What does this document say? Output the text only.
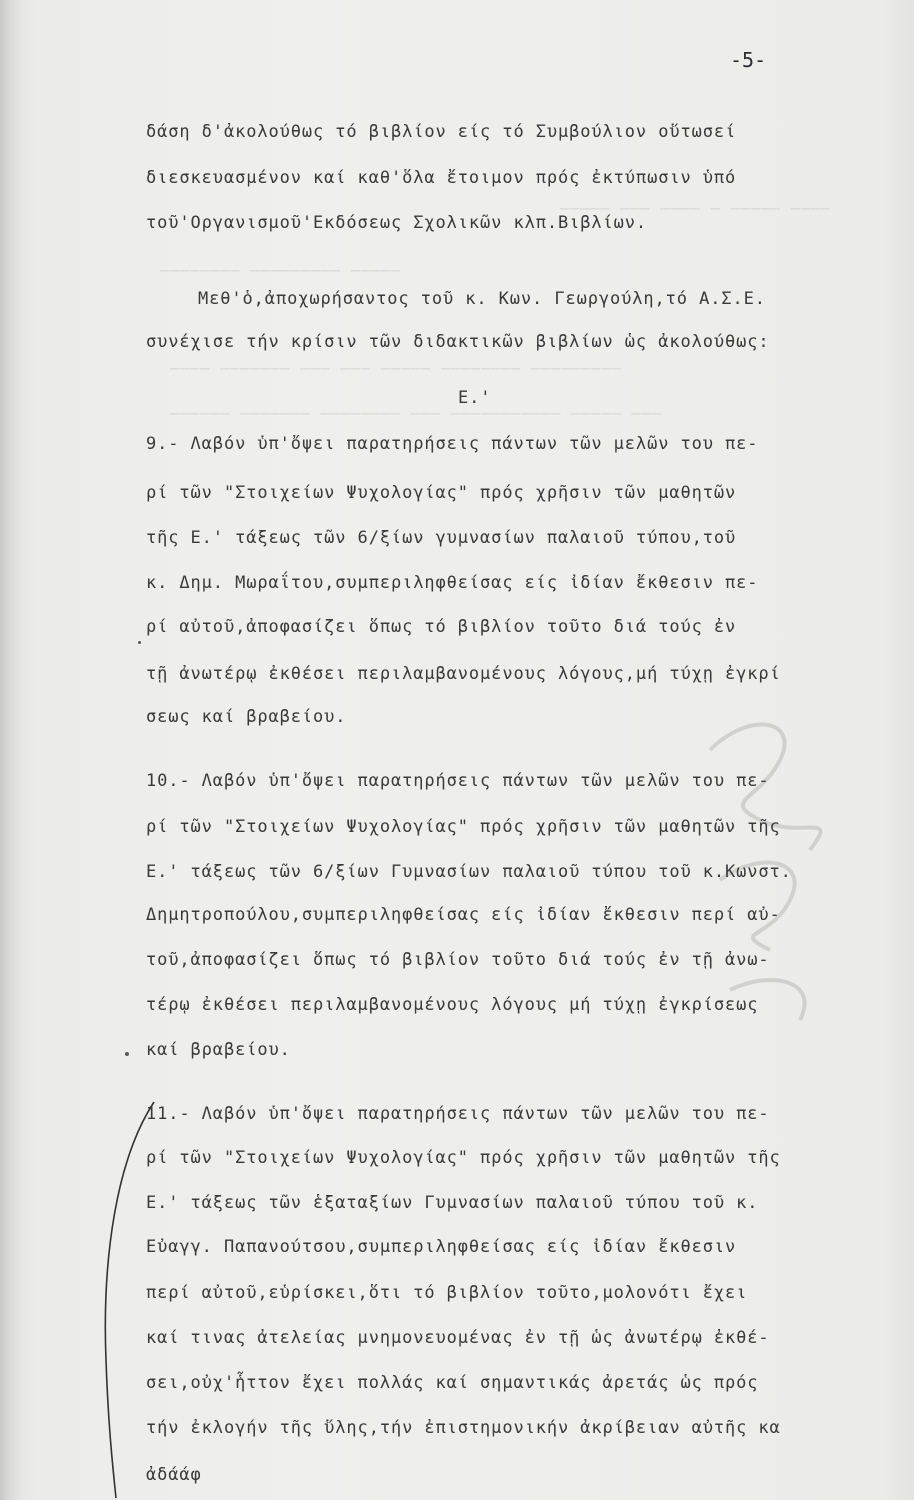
───── ─── ──── ─ ───── ────
──────── ───────── ─────
──── ─────── ─── ─── ───── ──────── ─────────
────── ─────── ──────── ─── ─────────── ───── ───
-5-
δάση δ'ἀκολούθως τό βιβλίον είς τό Συμβούλιον οὕτωσεί
διεσκευασμένον καί καθ'ὅλα ἔτοιμον πρός ἐκτύπωσιν ὑπό
τοῦ'Οργανισμοῦ'Εκδόσεως Σχολικῶν κλπ.Βιβλίων.
Μεθ'ὁ,ἀποχωρήσαντος τοῦ κ. Κων. Γεωργούλη,τό Α.Σ.Ε.
συνέχισε τήν κρίσιν τῶν διδακτικῶν βιβλίων ὡς ἀκολούθως:
Ε.'
9.- Λαβόν ὑπ'ὄψει παρατηρήσεις πάντων τῶν μελῶν του πε-
ρί τῶν "Στοιχείων Ψυχολογίας" πρός χρῆσιν τῶν μαθητῶν
τῆς Ε.' τάξεως τῶν 6/ξίων γυμνασίων παλαιοῦ τύπου,τοῦ
κ. Δημ. Μωραΐτου,συμπεριληφθείσας είς ἰδίαν ἔκθεσιν πε-
ρί αὐτοῦ,ἀποφασίζει ὅπως τό βιβλίον τοῦτο διά τούς ἐν
τῇ ἀνωτέρῳ ἐκθέσει περιλαμβανομένους λόγους,μή τύχῃ ἐγκρί
σεως καί βραβείου.
10.- Λαβόν ὑπ'ὄψει παρατηρήσεις πάντων τῶν μελῶν του πε-
ρί τῶν "Στοιχείων Ψυχολογίας" πρός χρῆσιν τῶν μαθητῶν τῆς
Ε.' τάξεως τῶν 6/ξίων Γυμνασίων παλαιοῦ τύπου τοῦ κ.Κωνστ.
Δημητροπούλου,συμπεριληφθείσας είς ἰδίαν ἔκθεσιν περί αὐ-
τοῦ,ἀποφασίζει ὅπως τό βιβλίον τοῦτο διά τούς ἐν τῇ ἀνω-
τέρῳ ἐκθέσει περιλαμβανομένους λόγους μή τύχῃ ἐγκρίσεως
καί βραβείου.
11.- Λαβόν ὑπ'ὄψει παρατηρήσεις πάντων τῶν μελῶν του πε-
ρί τῶν "Στοιχείων Ψυχολογίας" πρός χρῆσιν τῶν μαθητῶν τῆς
Ε.' τάξεως τῶν ἑξαταξίων Γυμνασίων παλαιοῦ τύπου τοῦ κ.
Εὐαγγ. Παπανούτσου,συμπεριληφθείσας είς ἰδίαν ἔκθεσιν
περί αὐτοῦ,εὑρίσκει,ὅτι τό βιβλίον τοῦτο,μολονότι ἔχει
καί τινας ἀτελείας μνημονευομένας ἐν τῇ ὡς ἀνωτέρῳ ἐκθέ-
σει,οὐχ'ἧττον ἔχει πολλάς καί σημαντικάς ἀρετάς ὡς πρός
τήν ἐκλογήν τῆς ὕλης,τήν ἐπιστημονικήν ἀκρίβειαν αὐτῆς κα
ἀδάάφ
